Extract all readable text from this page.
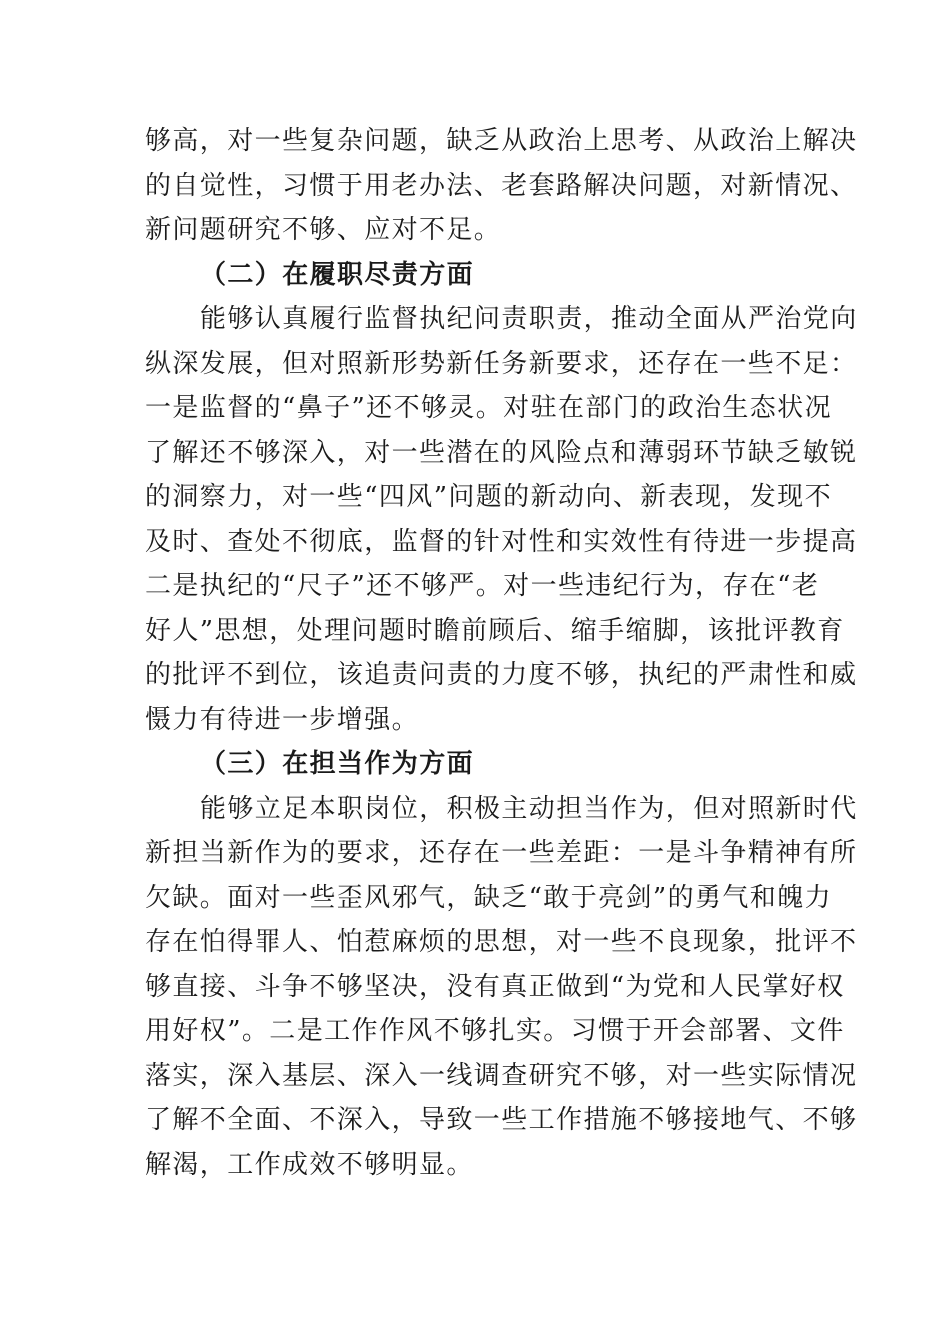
够高，对一些复杂问题，缺乏从政治上思考、从政治上解决
的自觉性，习惯于用老办法、老套路解决问题，对新情况、
新问题研究不够、应对不足。
（二）在履职尽责方面
能够认真履行监督执纪问责职责，推动全面从严治党向
纵深发展，但对照新形势新任务新要求，还存在一些不足：
一是监督的“鼻子”还不够灵。对驻在部门的政治生态状况
了解还不够深入，对一些潜在的风险点和薄弱环节缺乏敏锐
的洞察力，对一些“四风”问题的新动向、新表现，发现不
及时、查处不彻底，监督的针对性和实效性有待进一步提高
二是执纪的“尺子”还不够严。对一些违纪行为，存在“老
好人”思想，处理问题时瞻前顾后、缩手缩脚，该批评教育
的批评不到位，该追责问责的力度不够，执纪的严肃性和威
慑力有待进一步增强。
（三）在担当作为方面
能够立足本职岗位，积极主动担当作为，但对照新时代
新担当新作为的要求，还存在一些差距：一是斗争精神有所
欠缺。面对一些歪风邪气，缺乏“敢于亮剑”的勇气和魄力
存在怕得罪人、怕惹麻烦的思想，对一些不良现象，批评不
够直接、斗争不够坚决，没有真正做到“为党和人民掌好权
用好权”。二是工作作风不够扎实。习惯于开会部署、文件
落实，深入基层、深入一线调查研究不够，对一些实际情况
了解不全面、不深入，导致一些工作措施不够接地气、不够
解渴，工作成效不够明显。
